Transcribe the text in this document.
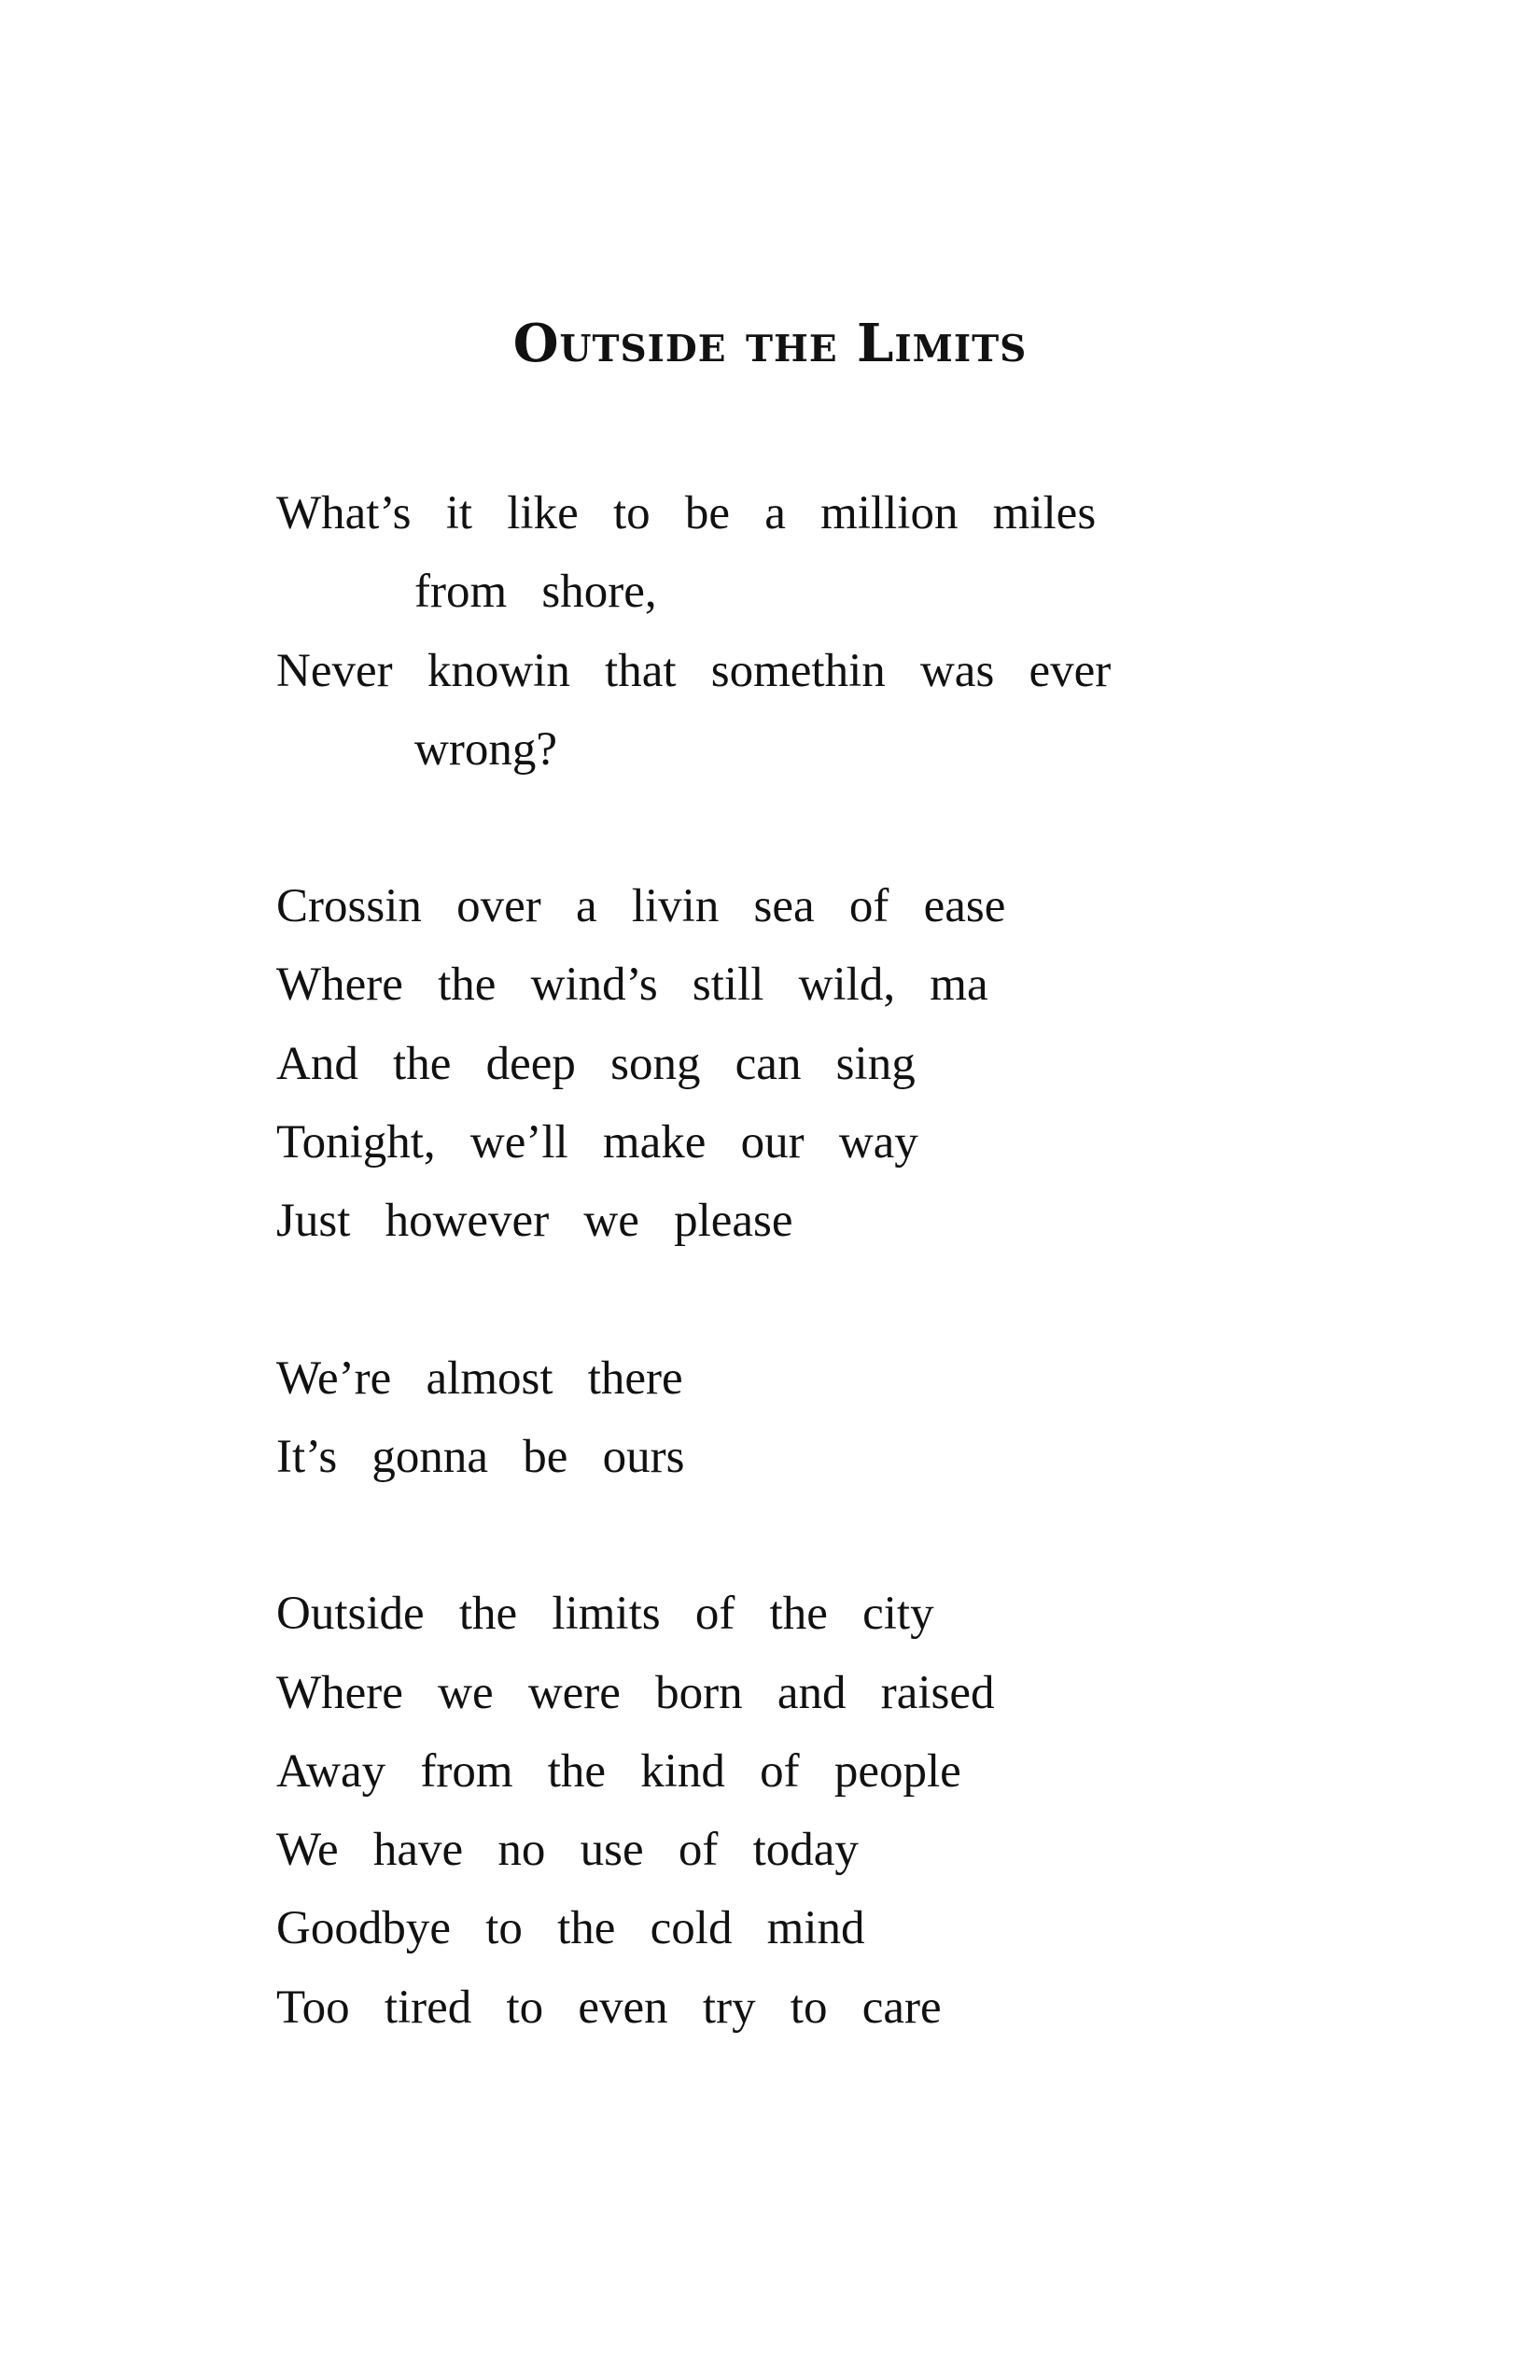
Outside the Limits
What’s it like to be a million miles
from shore,
Never knowin that somethin was ever
wrong?
Crossin over a livin sea of ease
Where the wind’s still wild, ma
And the deep song can sing
Tonight, we’ll make our way
Just however we please
We’re almost there
It’s gonna be ours
Outside the limits of the city
Where we were born and raised
Away from the kind of people
We have no use of today
Goodbye to the cold mind
Too tired to even try to care
